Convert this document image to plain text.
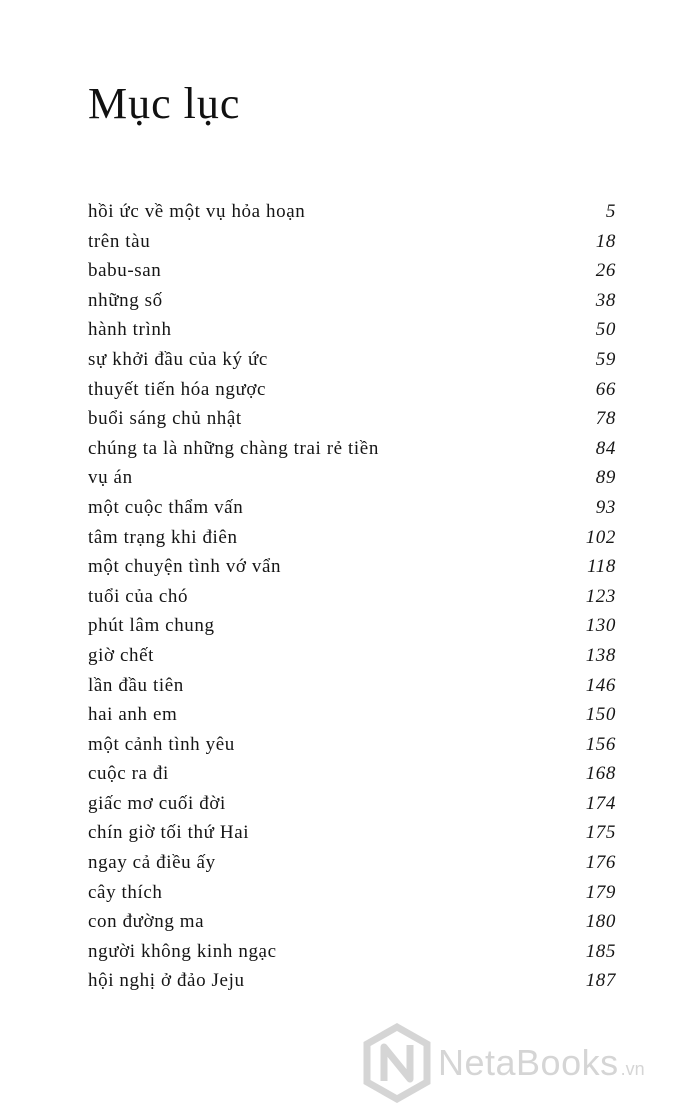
Mục lục
hồi ức về một vụ hỏa hoạn	5
trên tàu	18
babu-san	26
những số	38
hành trình	50
sự khởi đầu của ký ức	59
thuyết tiến hóa ngược	66
buổi sáng chủ nhật	78
chúng ta là những chàng trai rẻ tiền	84
vụ án	89
một cuộc thẩm vấn	93
tâm trạng khi điên	102
một chuyện tình vớ vẩn	118
tuổi của chó	123
phút lâm chung	130
giờ chết	138
lần đầu tiên	146
hai anh em	150
một cảnh tình yêu	156
cuộc ra đi	168
giấc mơ cuối đời	174
chín giờ tối thứ Hai	175
ngay cả điều ấy	176
cây thích	179
con đường ma	180
người không kinh ngạc	185
hội nghị ở đảo Jeju	187
NetaBooks .vn
